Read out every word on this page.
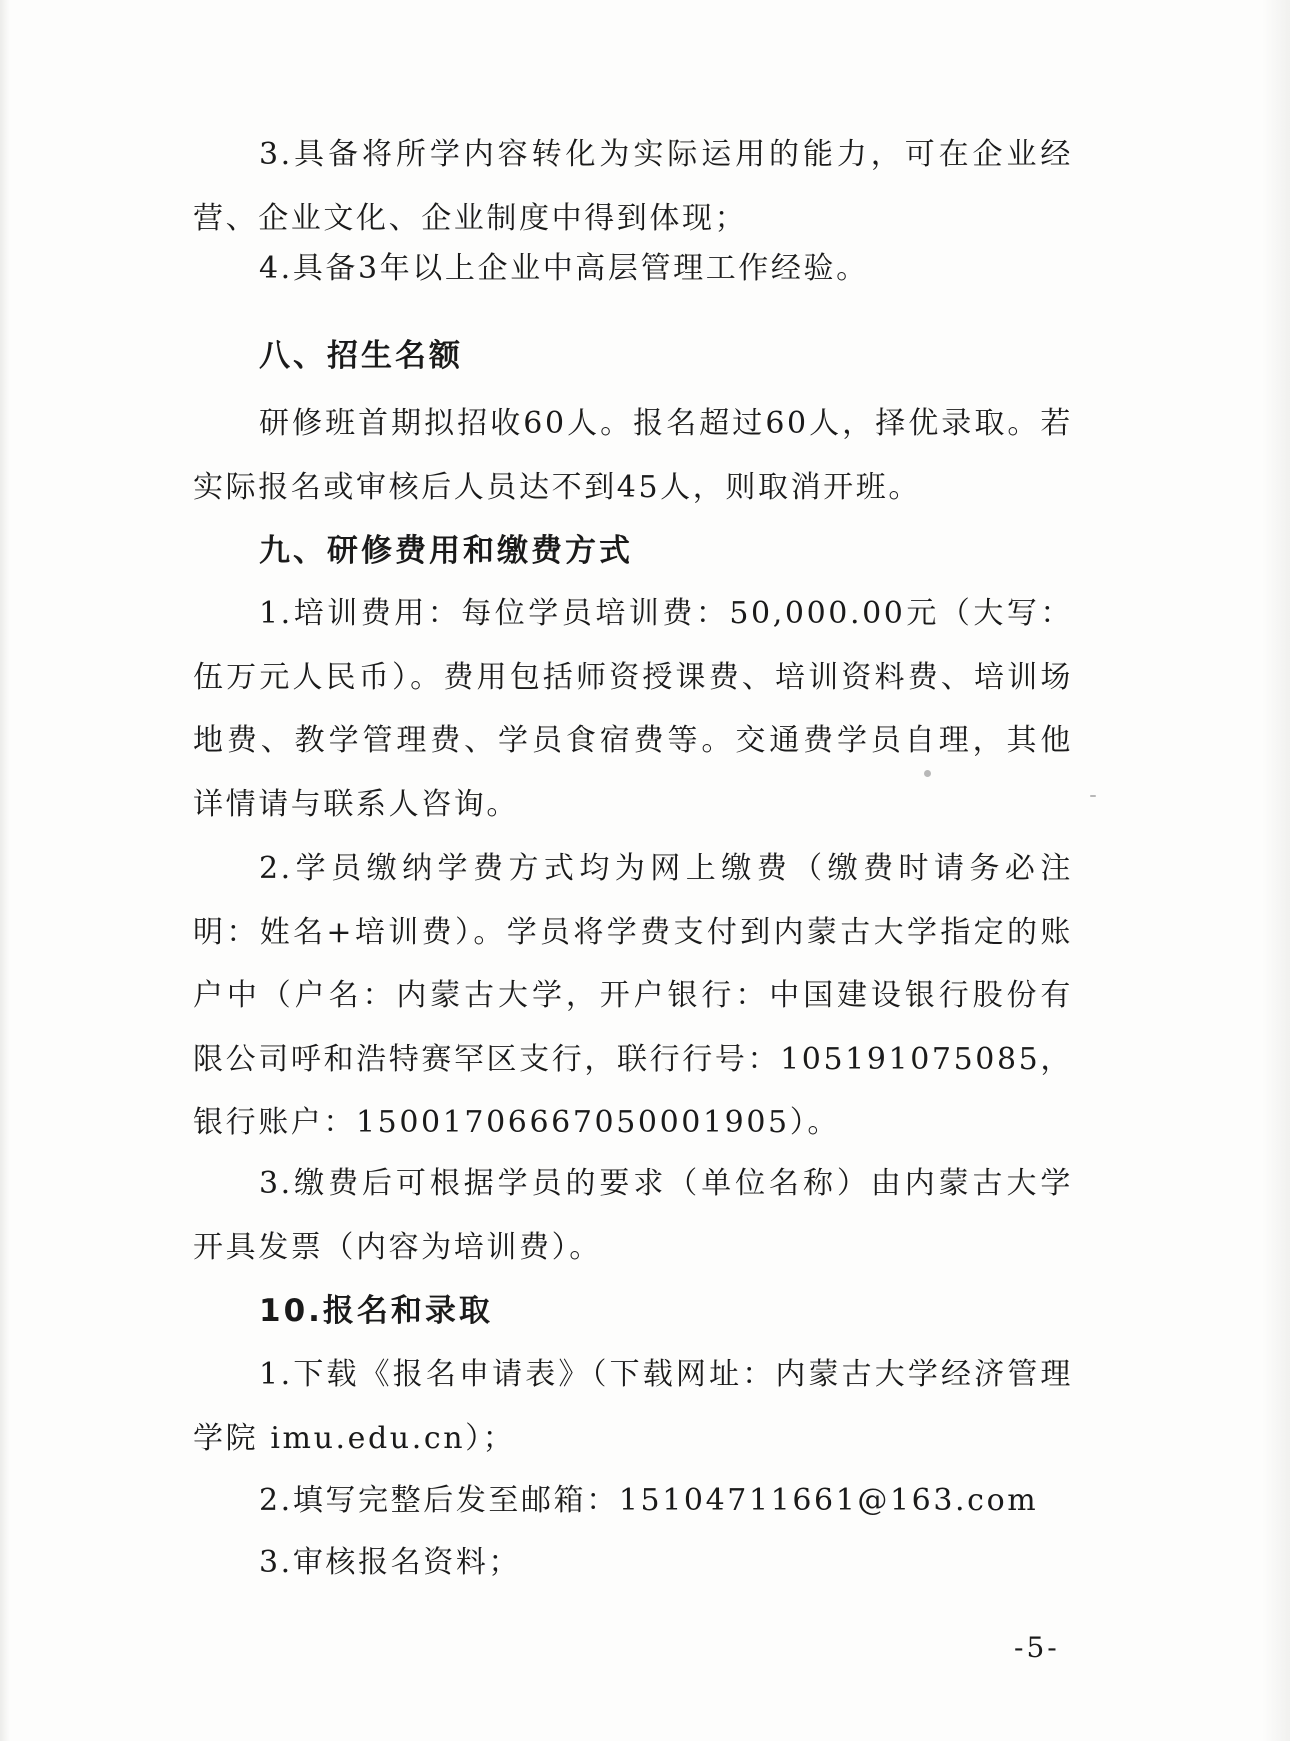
3.具备将所学内容转化为实际运用的能力，可在企业经营、企业文化、企业制度中得到体现；

4.具备3年以上企业中高层管理工作经验。

八、招生名额

研修班首期拟招收60人。报名超过60人，择优录取。若实际报名或审核后人员达不到45人，则取消开班。

九、研修费用和缴费方式

1.培训费用：每位学员培训费：50,000.00元（大写：伍万元人民币）。费用包括师资授课费、培训资料费、培训场地费、教学管理费、学员食宿费等。交通费学员自理，其他详情请与联系人咨询。

2.学员缴纳学费方式均为网上缴费（缴费时请务必注明：姓名+培训费）。学员将学费支付到内蒙古大学指定的账户中（户名：内蒙古大学，开户银行：中国建设银行股份有限公司呼和浩特赛罕区支行，联行行号：105191075085，银行账户：15001706667050001905）。

3.缴费后可根据学员的要求（单位名称）由内蒙古大学开具发票（内容为培训费）。

10.报名和录取

1.下载《报名申请表》（下载网址：内蒙古大学经济管理学院 imu.edu.cn）；

2.填写完整后发至邮箱：15104711661@163.com

3.审核报名资料；

-5-
